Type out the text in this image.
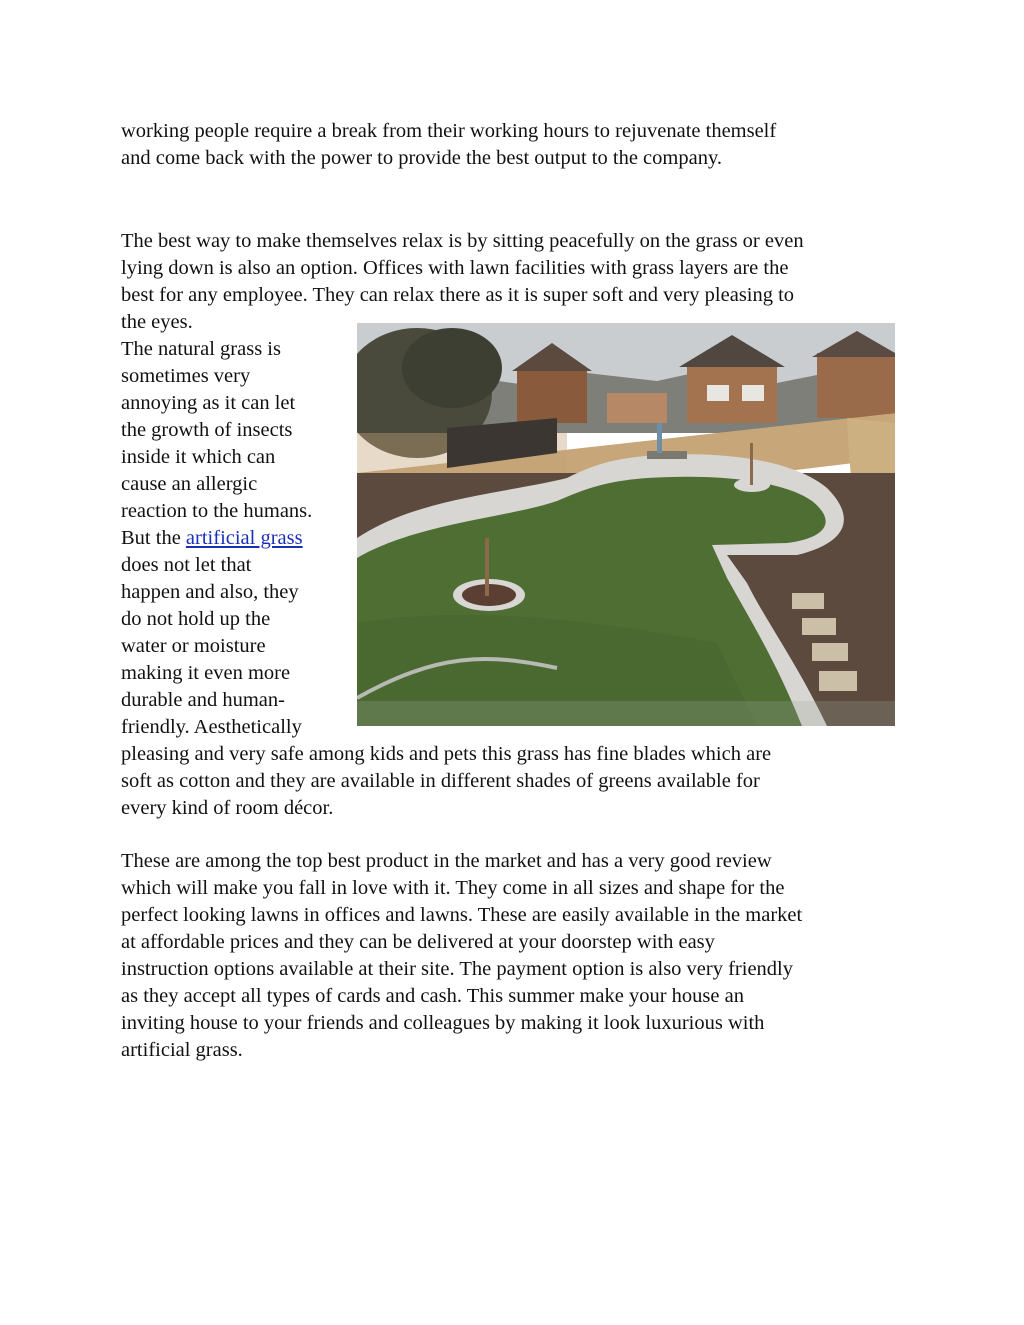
working people require a break from their working hours to rejuvenate themself
and come back with the power to provide the best output to the company.

The best way to make themselves relax is by sitting peacefully on the grass or even
lying down is also an option. Offices with lawn facilities with grass layers are the
best for any employee. They can relax there as it is super soft and very pleasing to
the eyes.

The natural grass is
sometimes very
annoying as it can let
the growth of insects
inside it which can
cause an allergic
reaction to the humans.
But the artificial grass
does not let that
happen and also, they
do not hold up the
water or moisture
making it even more
durable and human-
friendly. Aesthetically

pleasing and very safe among kids and pets this grass has fine blades which are
soft as cotton and they are available in different shades of greens available for
every kind of room décor.

These are among the top best product in the market and has a very good review
which will make you fall in love with it. They come in all sizes and shape for the
perfect looking lawns in offices and lawns. These are easily available in the market
at affordable prices and they can be delivered at your doorstep with easy
instruction options available at their site. The payment option is also very friendly
as they accept all types of cards and cash. This summer make your house an
inviting house to your friends and colleagues by making it look luxurious with
artificial grass.
